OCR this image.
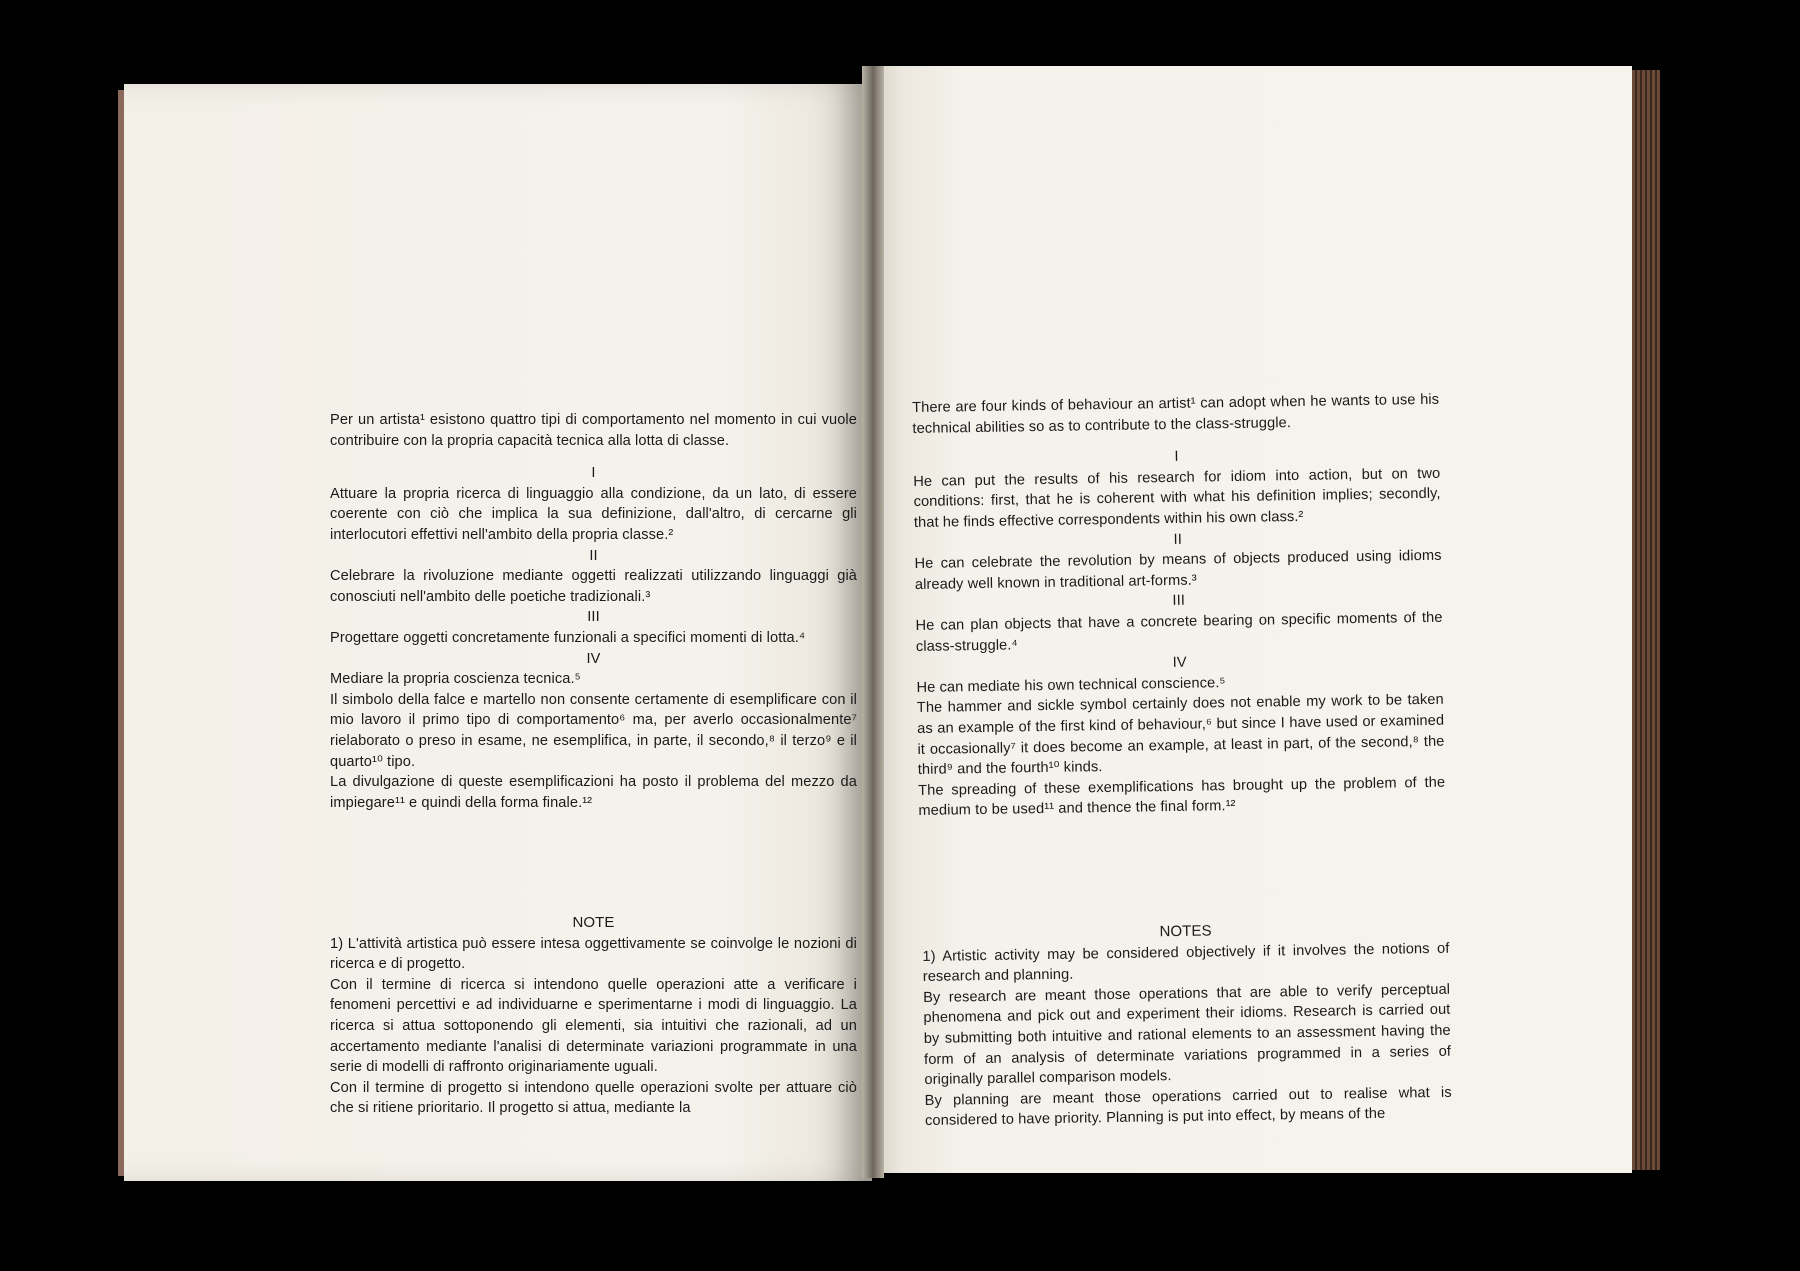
Per un artista¹ esistono quattro tipi di comportamento nel momento in cui vuole contribuire con la propria capacità tecnica alla lotta di classe.

I

Attuare la propria ricerca di linguaggio alla condizione, da un lato, di essere coerente con ciò che implica la sua definizione, dall'altro, di cercarne gli interlocutori effettivi nell'ambito della propria classe.²

II

Celebrare la rivoluzione mediante oggetti realizzati utilizzando linguaggi già conosciuti nell'ambito delle poetiche tradizionali.³

III

Progettare oggetti concretamente funzionali a specifici momenti di lotta.⁴

IV

Mediare la propria coscienza tecnica.⁵

Il simbolo della falce e martello non consente certamente di esemplificare con il mio lavoro il primo tipo di comportamento⁶ ma, per averlo occasionalmente⁷ rielaborato o preso in esame, ne esemplifica, in parte, il secondo,⁸ il terzo⁹ e il quarto¹⁰ tipo.

La divulgazione di queste esemplificazioni ha posto il problema del mezzo da impiegare¹¹ e quindi della forma finale.¹²

NOTE

1) L'attività artistica può essere intesa oggettivamente se coinvolge le nozioni di ricerca e di progetto.

Con il termine di ricerca si intendono quelle operazioni atte a verificare i fenomeni percettivi e ad individuarne e sperimentarne i modi di linguaggio. La ricerca si attua sottoponendo gli elementi, sia intuitivi che razionali, ad un accertamento mediante l'analisi di determinate variazioni programmate in una serie di modelli di raffronto originariamente uguali.

Con il termine di progetto si intendono quelle operazioni svolte per attuare ciò che si ritiene prioritario. Il progetto si attua, mediante la

There are four kinds of behaviour an artist¹ can adopt when he wants to use his technical abilities so as to contribute to the class-struggle.

I

He can put the results of his research for idiom into action, but on two conditions: first, that he is coherent with what his definition implies; secondly, that he finds effective correspondents within his own class.²

II

He can celebrate the revolution by means of objects produced using idioms already well known in traditional art-forms.³

III

He can plan objects that have a concrete bearing on specific moments of the class-struggle.⁴

IV

He can mediate his own technical conscience.⁵

The hammer and sickle symbol certainly does not enable my work to be taken as an example of the first kind of behaviour,⁶ but since I have used or examined it occasionally⁷ it does become an example, at least in part, of the second,⁸ the third⁹ and the fourth¹⁰ kinds.

The spreading of these exemplifications has brought up the problem of the medium to be used¹¹ and thence the final form.¹²

NOTES

1) Artistic activity may be considered objectively if it involves the notions of research and planning.

By research are meant those operations that are able to verify perceptual phenomena and pick out and experiment their idioms. Research is carried out by submitting both intuitive and rational elements to an assessment having the form of an analysis of determinate variations programmed in a series of originally parallel comparison models.

By planning are meant those operations carried out to realise what is considered to have priority. Planning is put into effect, by means of the
